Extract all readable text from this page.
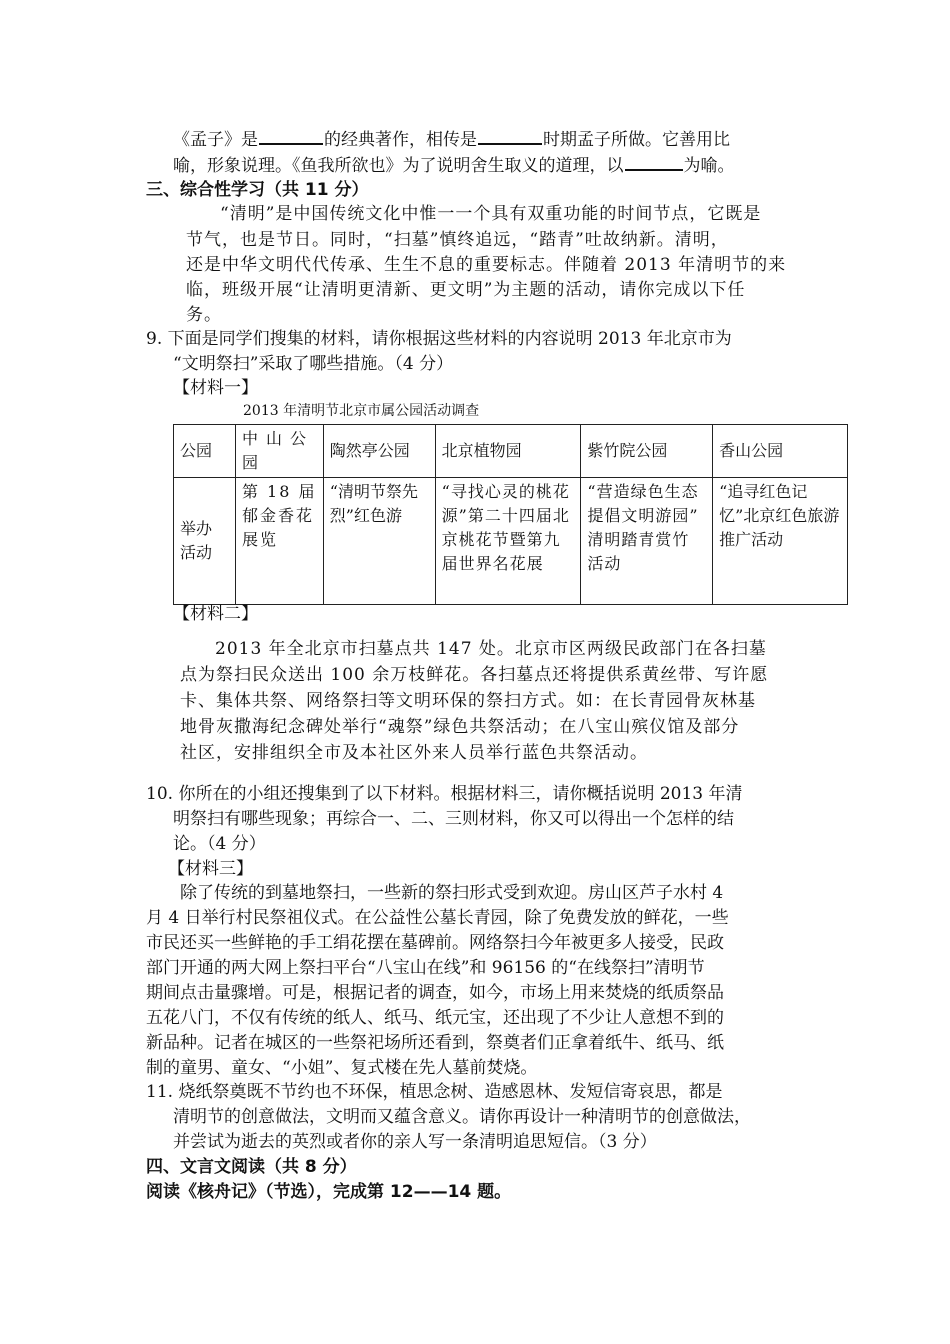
《孟子》是	的经典著作，相传是	时期孟子所做。它善用比
喻，形象说理。《鱼我所欲也》为了说明舍生取义的道理，以	为喻。
三、综合性学习（共 11 分）
“清明”是中国传统文化中惟一一个具有双重功能的时间节点，它既是
节气，也是节日。同时，“扫墓”慎终追远，“踏青”吐故纳新。清明，
还是中华文明代代传承、生生不息的重要标志。伴随着 2013 年清明节的来
临，班级开展“让清明更清新、更文明”为主题的活动，请你完成以下任
务。
9. 下面是同学们搜集的材料，请你根据这些材料的内容说明 2013 年北京市为
“文明祭扫”采取了哪些措施。（4 分）
【材料一】
2013 年清明节北京市属公园活动调查
公园	中山公园	陶然亭公园	北京植物园	紫竹院公园	香山公园
举办活动	第 18 届郁金香花展览	“清明节祭先烈”红色游	“寻找心灵的桃花源”第二十四届北京桃花节暨第九届世界名花展	“营造绿色生态 提倡文明游园” 清明踏青赏竹活动	“追寻红色记忆”北京红色旅游推广活动
【材料二】
2013 年全北京市扫墓点共 147 处。北京市区两级民政部门在各扫墓
点为祭扫民众送出 100 余万枝鲜花。各扫墓点还将提供系黄丝带、写许愿
卡、集体共祭、网络祭扫等文明环保的祭扫方式。如：在长青园骨灰林基
地骨灰撒海纪念碑处举行“魂祭”绿色共祭活动；在八宝山殡仪馆及部分
社区，安排组织全市及本社区外来人员举行蓝色共祭活动。
10. 你所在的小组还搜集到了以下材料。根据材料三，请你概括说明 2013 年清
明祭扫有哪些现象；再综合一、二、三则材料，你又可以得出一个怎样的结
论。（4 分）
【材料三】
除了传统的到墓地祭扫，一些新的祭扫形式受到欢迎。房山区芦子水村 4
月 4 日举行村民祭祖仪式。在公益性公墓长青园，除了免费发放的鲜花，一些
市民还买一些鲜艳的手工绢花摆在墓碑前。网络祭扫今年被更多人接受，民政
部门开通的两大网上祭扫平台“八宝山在线”和 96156 的“在线祭扫”清明节
期间点击量骤增。可是，根据记者的调查，如今，市场上用来焚烧的纸质祭品
五花八门，不仅有传统的纸人、纸马、纸元宝，还出现了不少让人意想不到的
新品种。记者在城区的一些祭祀场所还看到，祭奠者们正拿着纸牛、纸马、纸
制的童男、童女、“小姐”、复式楼在先人墓前焚烧。
11. 烧纸祭奠既不节约也不环保，植思念树、造感恩林、发短信寄哀思，都是
清明节的创意做法，文明而又蕴含意义。请你再设计一种清明节的创意做法，
并尝试为逝去的英烈或者你的亲人写一条清明追思短信。（3 分）
四、文言文阅读（共 8 分）
阅读《核舟记》（节选），完成第 12——14 题。
